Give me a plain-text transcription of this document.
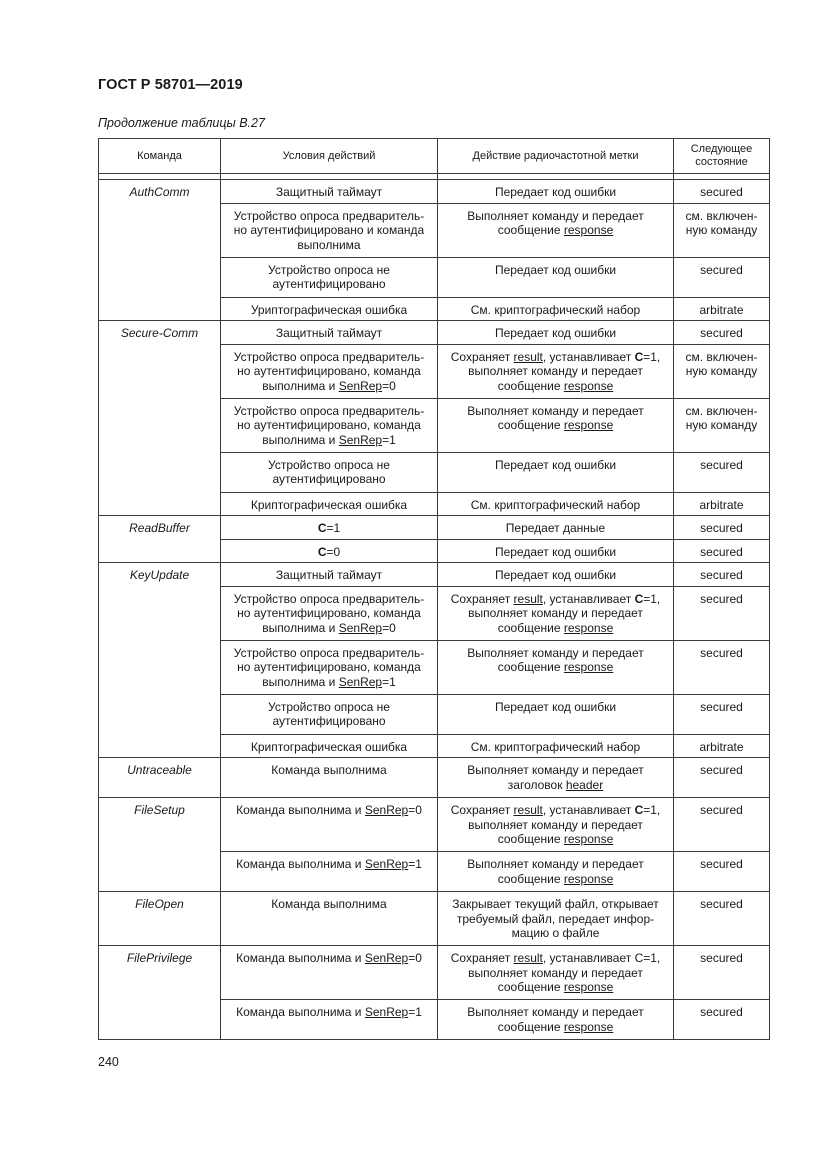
ГОСТ Р 58701—2019
Продолжение таблицы В.27
Команда	Условия действий	Действие радиочастотной метки	Следующее состояние

AuthComm	Защитный таймаут	Передает код ошибки	secured
	Устройство опроса предваритель-
но аутентифицировано и команда
выполнима	Выполняет команду и передает
сообщение response	см. включен-
ную команду
	Устройство опроса не
аутентифицировано	Передает код ошибки	secured
	Уриптографическая ошибка	См. криптографический набор	arbitrate
Secure-Comm	Защитный таймаут	Передает код ошибки	secured
	Устройство опроса предваритель-
но аутентифицировано, команда
выполнима и SenRep=0	Сохраняет result, устанавливает C=1,
выполняет команду и передает
сообщение response	см. включен-
ную команду
	Устройство опроса предваритель-
но аутентифицировано, команда
выполнима и SenRep=1	Выполняет команду и передает
сообщение response	см. включен-
ную команду
	Устройство опроса не
аутентифицировано	Передает код ошибки	secured
	Криптографическая ошибка	См. криптографический набор	arbitrate
ReadBuffer	C=1	Передает данные	secured
	C=0	Передает код ошибки	secured
KeyUpdate	Защитный таймаут	Передает код ошибки	secured
	Устройство опроса предваритель-
но аутентифицировано, команда
выполнима и SenRep=0	Сохраняет result, устанавливает C=1,
выполняет команду и передает
сообщение response	secured
	Устройство опроса предваритель-
но аутентифицировано, команда
выполнима и SenRep=1	Выполняет команду и передает
сообщение response	secured
	Устройство опроса не
аутентифицировано	Передает код ошибки	secured
	Криптографическая ошибка	См. криптографический набор	arbitrate
Untraceable	Команда выполнима	Выполняет команду и передает
заголовок header	secured
FileSetup	Команда выполнима и SenRep=0	Сохраняет result, устанавливает C=1,
выполняет команду и передает
сообщение response	secured
	Команда выполнима и SenRep=1	Выполняет команду и передает
сообщение response	secured
FileOpen	Команда выполнима	Закрывает текущий файл, открывает
требуемый файл, передает инфор-
мацию о файле	secured
FilePrivilege	Команда выполнима и SenRep=0	Сохраняет result, устанавливает C=1,
выполняет команду и передает
сообщение response	secured
	Команда выполнима и SenRep=1	Выполняет команду и передает
сообщение response	secured
240
